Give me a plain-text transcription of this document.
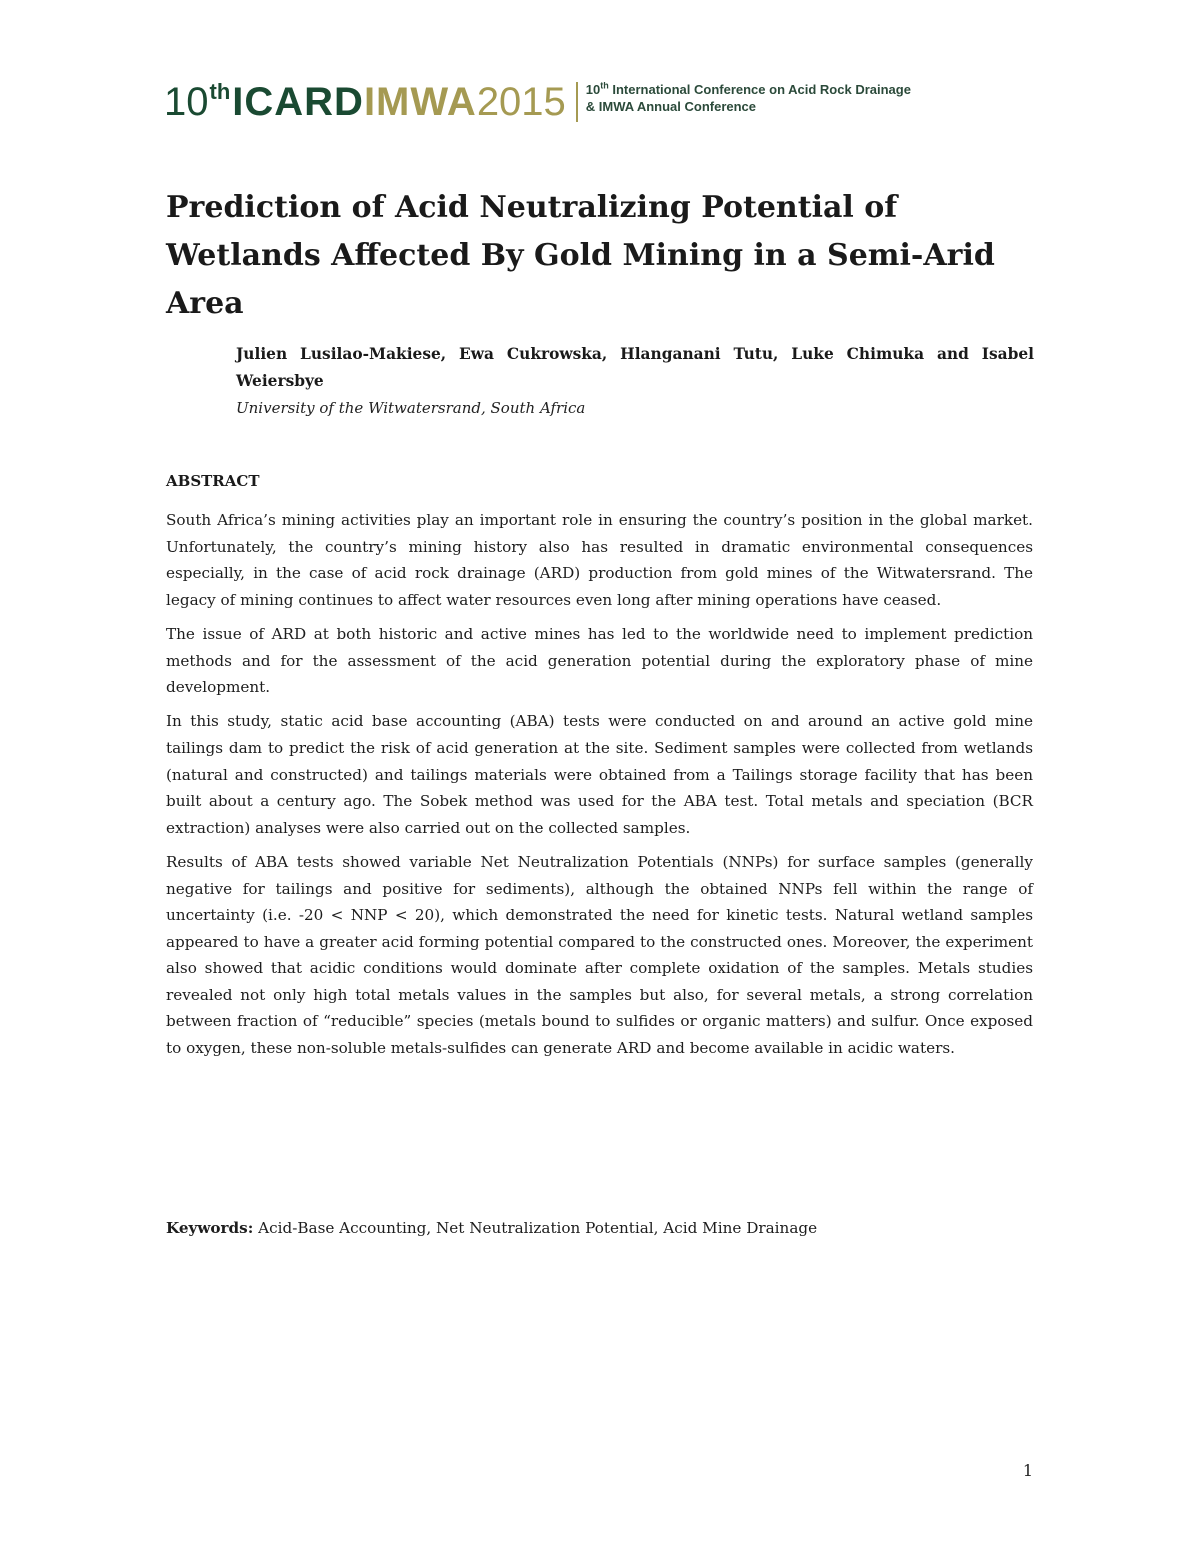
10 th ICARD IMWA 2015 10th International Conference on Acid Rock Drainage
& IMWA Annual Conference
Prediction of Acid Neutralizing Potential of Wetlands Affected By Gold Mining in a Semi-Arid Area
Julien Lusilao-Makiese, Ewa Cukrowska, Hlanganani Tutu, Luke Chimuka and Isabel Weiersbye
University of the Witwatersrand, South Africa
ABSTRACT

South Africa’s mining activities play an important role in ensuring the country’s position in the global market. Unfortunately, the country’s mining history also has resulted in dramatic environmental consequences especially, in the case of acid rock drainage (ARD) production from gold mines of the Witwatersrand. The legacy of mining continues to affect water resources even long after mining operations have ceased.

The issue of ARD at both historic and active mines has led to the worldwide need to implement prediction methods and for the assessment of the acid generation potential during the exploratory phase of mine development.

In this study, static acid base accounting (ABA) tests were conducted on and around an active gold mine tailings dam to predict the risk of acid generation at the site. Sediment samples were collected from wetlands (natural and constructed) and tailings materials were obtained from a Tailings storage facility that has been built about a century ago. The Sobek method was used for the ABA test. Total metals and speciation (BCR extraction) analyses were also carried out on the collected samples.

Results of ABA tests showed variable Net Neutralization Potentials (NNPs) for surface samples (generally negative for tailings and positive for sediments), although the obtained NNPs fell within the range of uncertainty (i.e. -20 < NNP < 20), which demonstrated the need for kinetic tests. Natural wetland samples appeared to have a greater acid forming potential compared to the constructed ones. Moreover, the experiment also showed that acidic conditions would dominate after complete oxidation of the samples. Metals studies revealed not only high total metals values in the samples but also, for several metals, a strong correlation between fraction of “reducible” species (metals bound to sulfides or organic matters) and sulfur. Once exposed to oxygen, these non-soluble metals-sulfides can generate ARD and become available in acidic waters.

Keywords: Acid-Base Accounting, Net Neutralization Potential, Acid Mine Drainage
1
